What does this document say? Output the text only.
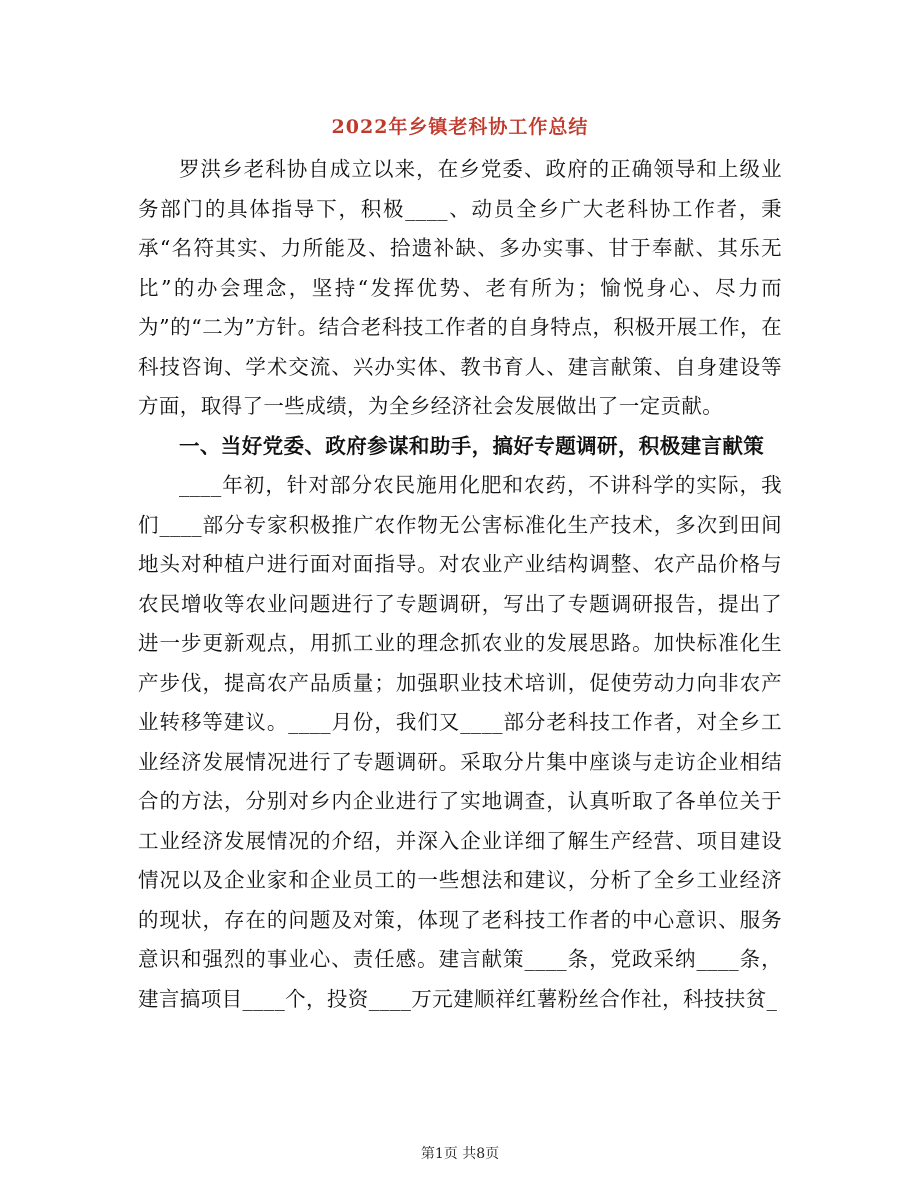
2022年乡镇老科协工作总结

罗洪乡老科协自成立以来，在乡党委、政府的正确领导和上级业务部门的具体指导下，积极____、动员全乡广大老科协工作者，秉承“名符其实、力所能及、拾遗补缺、多办实事、甘于奉献、其乐无比”的办会理念，坚持“发挥优势、老有所为；愉悦身心、尽力而为”的“二为”方针。结合老科技工作者的自身特点，积极开展工作，在科技咨询、学术交流、兴办实体、教书育人、建言献策、自身建设等方面，取得了一些成绩，为全乡经济社会发展做出了一定贡献。

一、当好党委、政府参谋和助手，搞好专题调研，积极建言献策

____年初，针对部分农民施用化肥和农药，不讲科学的实际，我们____部分专家积极推广农作物无公害标准化生产技术，多次到田间地头对种植户进行面对面指导。对农业产业结构调整、农产品价格与农民增收等农业问题进行了专题调研，写出了专题调研报告，提出了进一步更新观点，用抓工业的理念抓农业的发展思路。加快标准化生产步伐，提高农产品质量；加强职业技术培训，促使劳动力向非农产业转移等建议。____月份，我们又____部分老科技工作者，对全乡工业经济发展情况进行了专题调研。采取分片集中座谈与走访企业相结合的方法，分别对乡内企业进行了实地调查，认真听取了各单位关于工业经济发展情况的介绍，并深入企业详细了解生产经营、项目建设情况以及企业家和企业员工的一些想法和建议，分析了全乡工业经济的现状，存在的问题及对策，体现了老科技工作者的中心意识、服务意识和强烈的事业心、责任感。建言献策____条，党政采纳____条，建言搞项目____个，投资____万元建顺祥红薯粉丝合作社，科技扶贫_

第1页 共8页
